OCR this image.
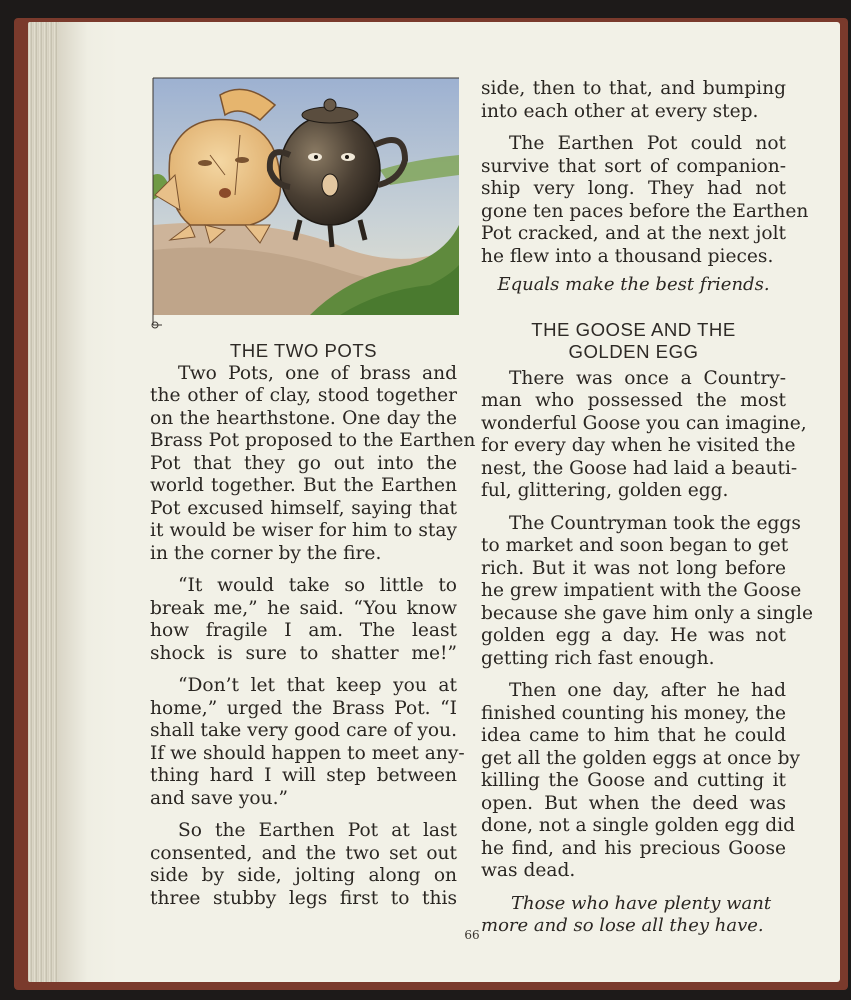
THE TWO POTS
Two Pots, one of brass and
the other of clay, stood together
on the hearthstone. One day the
Brass Pot proposed to the Earthen
Pot that they go out into the
world together. But the Earthen
Pot excused himself, saying that
it would be wiser for him to stay
in the corner by the fire.
“It would take so little to
break me,” he said. “You know
how fragile I am. The least
shock is sure to shatter me!”
“Don’t let that keep you at
home,” urged the Brass Pot. “I
shall take very good care of you.
If we should happen to meet any-
thing hard I will step between
and save you.”
So the Earthen Pot at last
consented, and the two set out
side by side, jolting along on
three stubby legs first to this
side, then to that, and bumping
into each other at every step.
The Earthen Pot could not
survive that sort of companion-
ship very long. They had not
gone ten paces before the Earthen
Pot cracked, and at the next jolt
he flew into a thousand pieces.
Equals make the best friends.
THE GOOSE AND THE
GOLDEN EGG
There was once a Country-
man who possessed the most
wonderful Goose you can imagine,
for every day when he visited the
nest, the Goose had laid a beauti-
ful, glittering, golden egg.
The Countryman took the eggs
to market and soon began to get
rich. But it was not long before
he grew impatient with the Goose
because she gave him only a single
golden egg a day. He was not
getting rich fast enough.
Then one day, after he had
finished counting his money, the
idea came to him that he could
get all the golden eggs at once by
killing the Goose and cutting it
open. But when the deed was
done, not a single golden egg did
he find, and his precious Goose
was dead.
Those who have plenty want
more and so lose all they have.
66
